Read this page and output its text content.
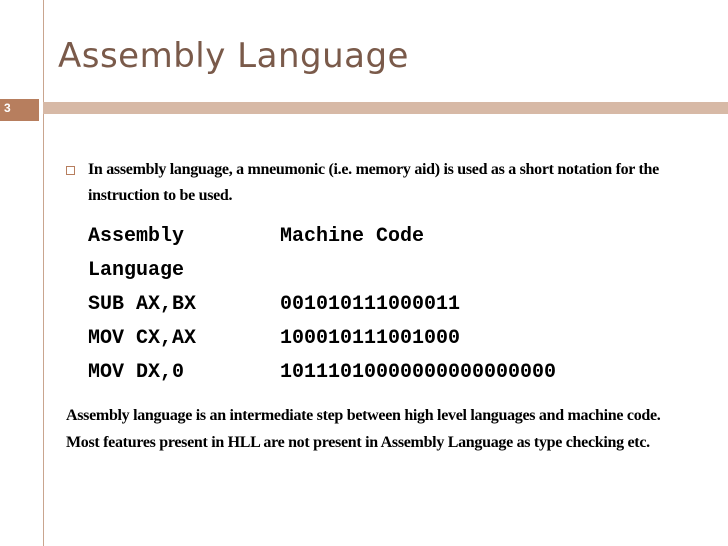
Assembly Language
3
In assembly language, a mneumonic (i.e. memory aid) is used as a short notation for the instruction to be used.
Assembly	Machine Code
Language
SUB AX,BX	001010111000011
MOV CX,AX	100010111001000
MOV DX,0	10111010000000000000000
Assembly language is an intermediate step between high level languages and machine code. Most features present in HLL are not present in Assembly Language as type checking etc.
